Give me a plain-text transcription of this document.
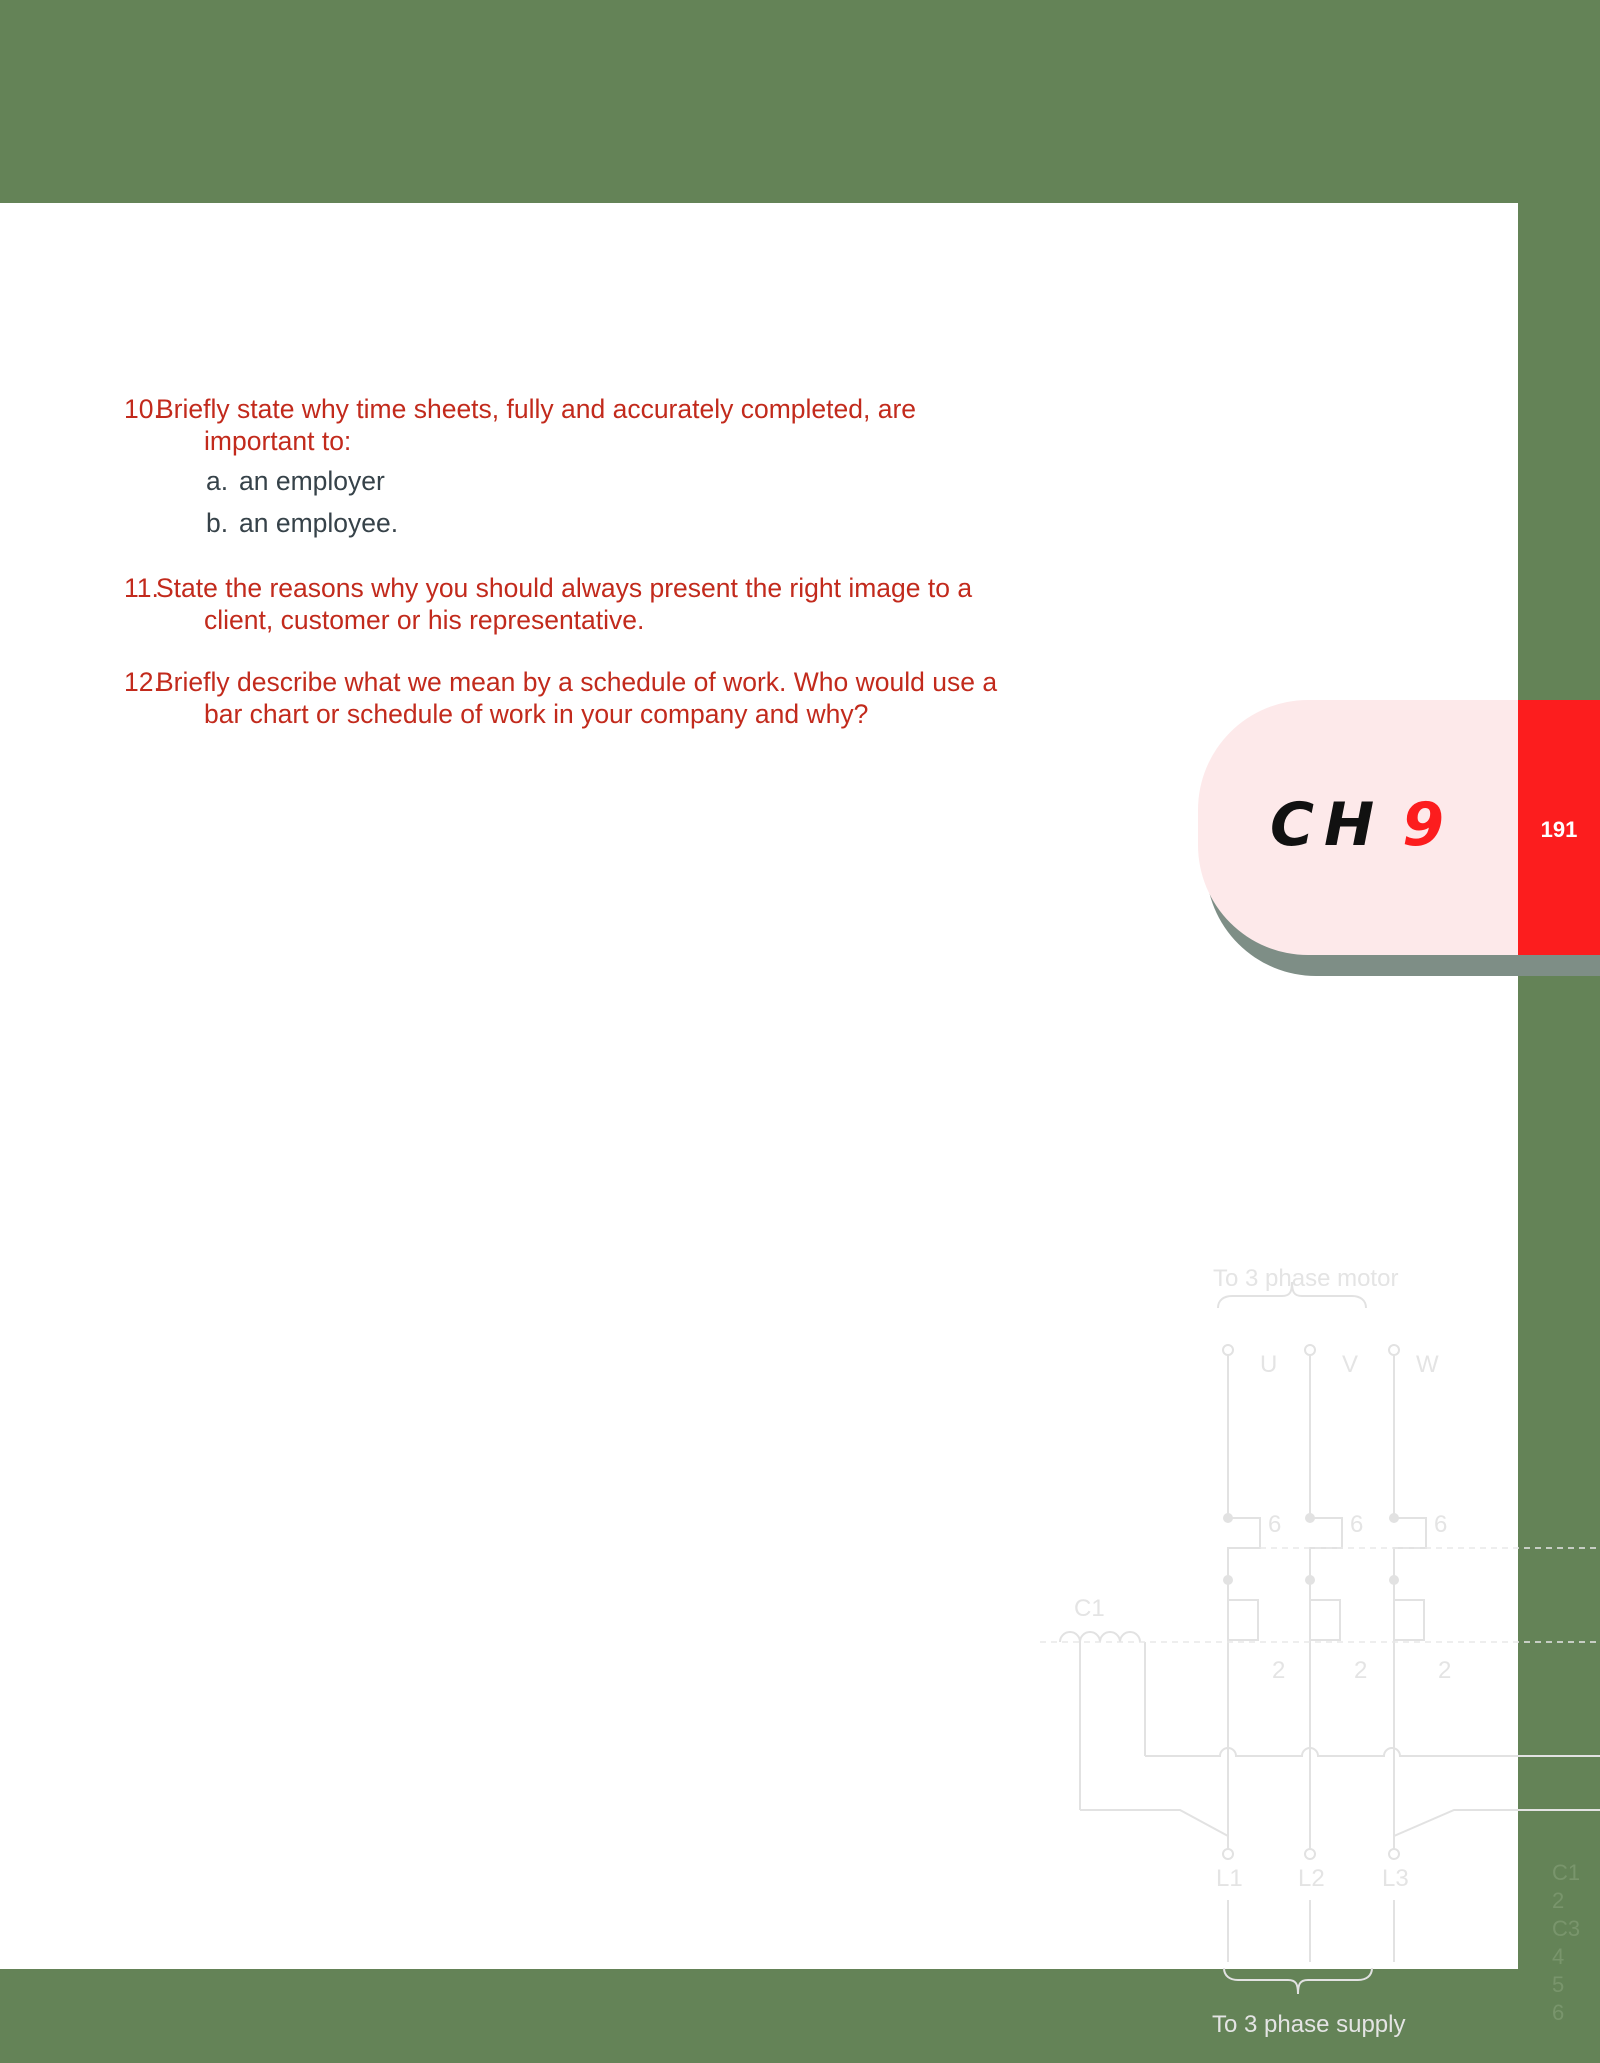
10.
Briefly state why time sheets, fully and accurately completed, are important to:
a. an employer
b. an employee.
11.
State the reasons why you should always present the right image to a client, customer or his representative.
12.
Briefly describe what we mean by a schedule of work. Who would use a bar chart or schedule of work in your company and why?
CH 9	191
To 3 phase motor
U	V W
6	6	6
C1
2	2	2
L1 L2 L3
To 3 phase supply
C1
2
C3
4
5
6
